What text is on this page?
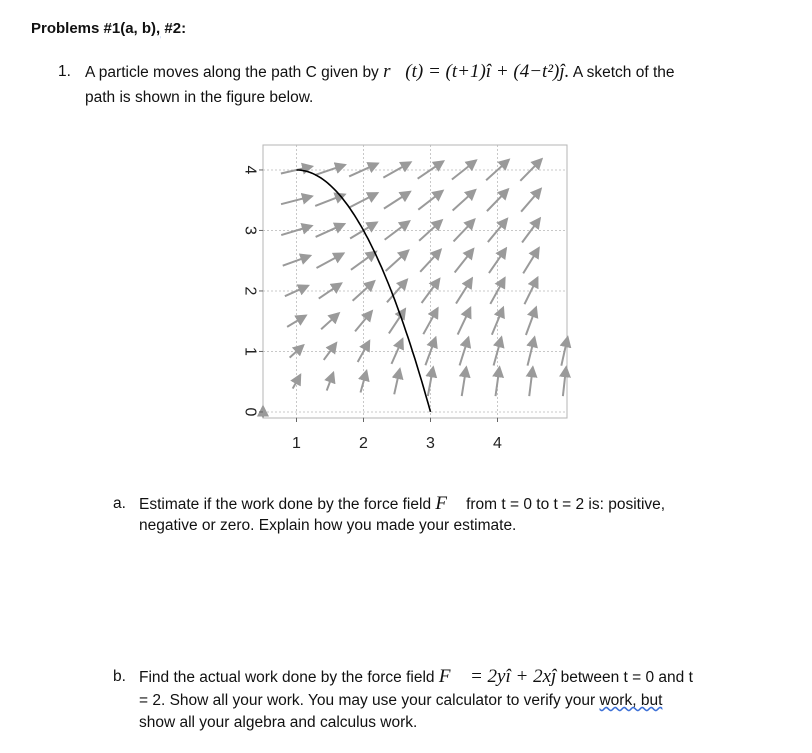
Problems #1(a, b), #2:
1. A particle moves along the path C given by r⃗(t) = (t+1)î + (4−t²)ĵ. A sketch of the
path is shown in the figure below.
1	2	3	4
0
1
2
3
4
a. Estimate if the work done by the force field F⃗ from t = 0 to t = 2 is: positive,
negative or zero. Explain how you made your estimate.
b. Find the actual work done by the force field F⃗ = 2yî + 2xĵ between t = 0 and t
= 2. Show all your work. You may use your calculator to verify your work, but
show all your algebra and calculus work.
